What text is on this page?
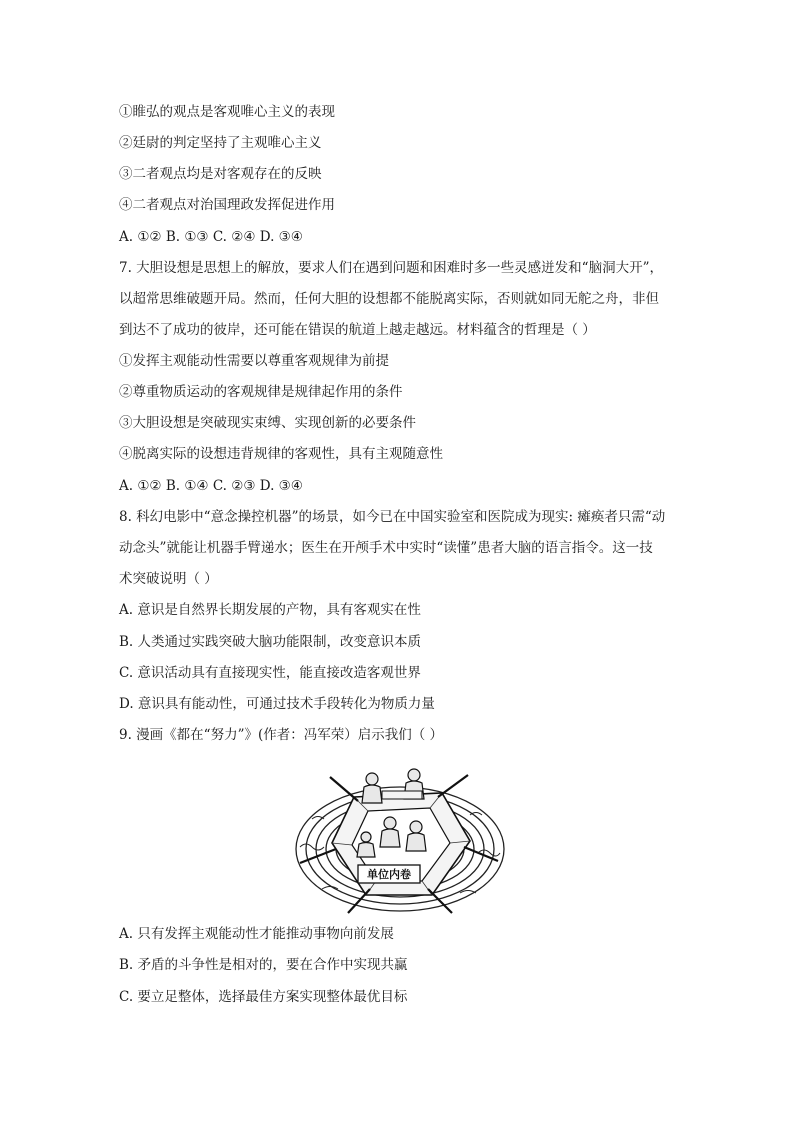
①睢弘的观点是客观唯心主义的表现
②廷尉的判定坚持了主观唯心主义
③二者观点均是对客观存在的反映
④二者观点对治国理政发挥促进作用
A. ①② B. ①③ C. ②④ D. ③④
7. 大胆设想是思想上的解放，要求人们在遇到问题和困难时多一些灵感迸发和“脑洞大开”，
以超常思维破题开局。然而，任何大胆的设想都不能脱离实际，否则就如同无舵之舟，非但
到达不了成功的彼岸，还可能在错误的航道上越走越远。材料蕴含的哲理是（ ）
①发挥主观能动性需要以尊重客观规律为前提
②尊重物质运动的客观规律是规律起作用的条件
③大胆设想是突破现实束缚、实现创新的必要条件
④脱离实际的设想违背规律的客观性，具有主观随意性
A. ①② B. ①④ C. ②③ D. ③④
8. 科幻电影中“意念操控机器”的场景，如今已在中国实验室和医院成为现实: 瘫痪者只需“动
动念头”就能让机器手臂递水；医生在开颅手术中实时“读懂”患者大脑的语言指令。这一技
术突破说明（ ）
A. 意识是自然界长期发展的产物，具有客观实在性
B. 人类通过实践突破大脑功能限制，改变意识本质
C. 意识活动具有直接现实性，能直接改造客观世界
D. 意识具有能动性，可通过技术手段转化为物质力量
9. 漫画《都在“努力”》(作者：冯军荣）启示我们（ ）
单位内卷
A. 只有发挥主观能动性才能推动事物向前发展
B. 矛盾的斗争性是相对的，要在合作中实现共赢
C. 要立足整体，选择最佳方案实现整体最优目标
